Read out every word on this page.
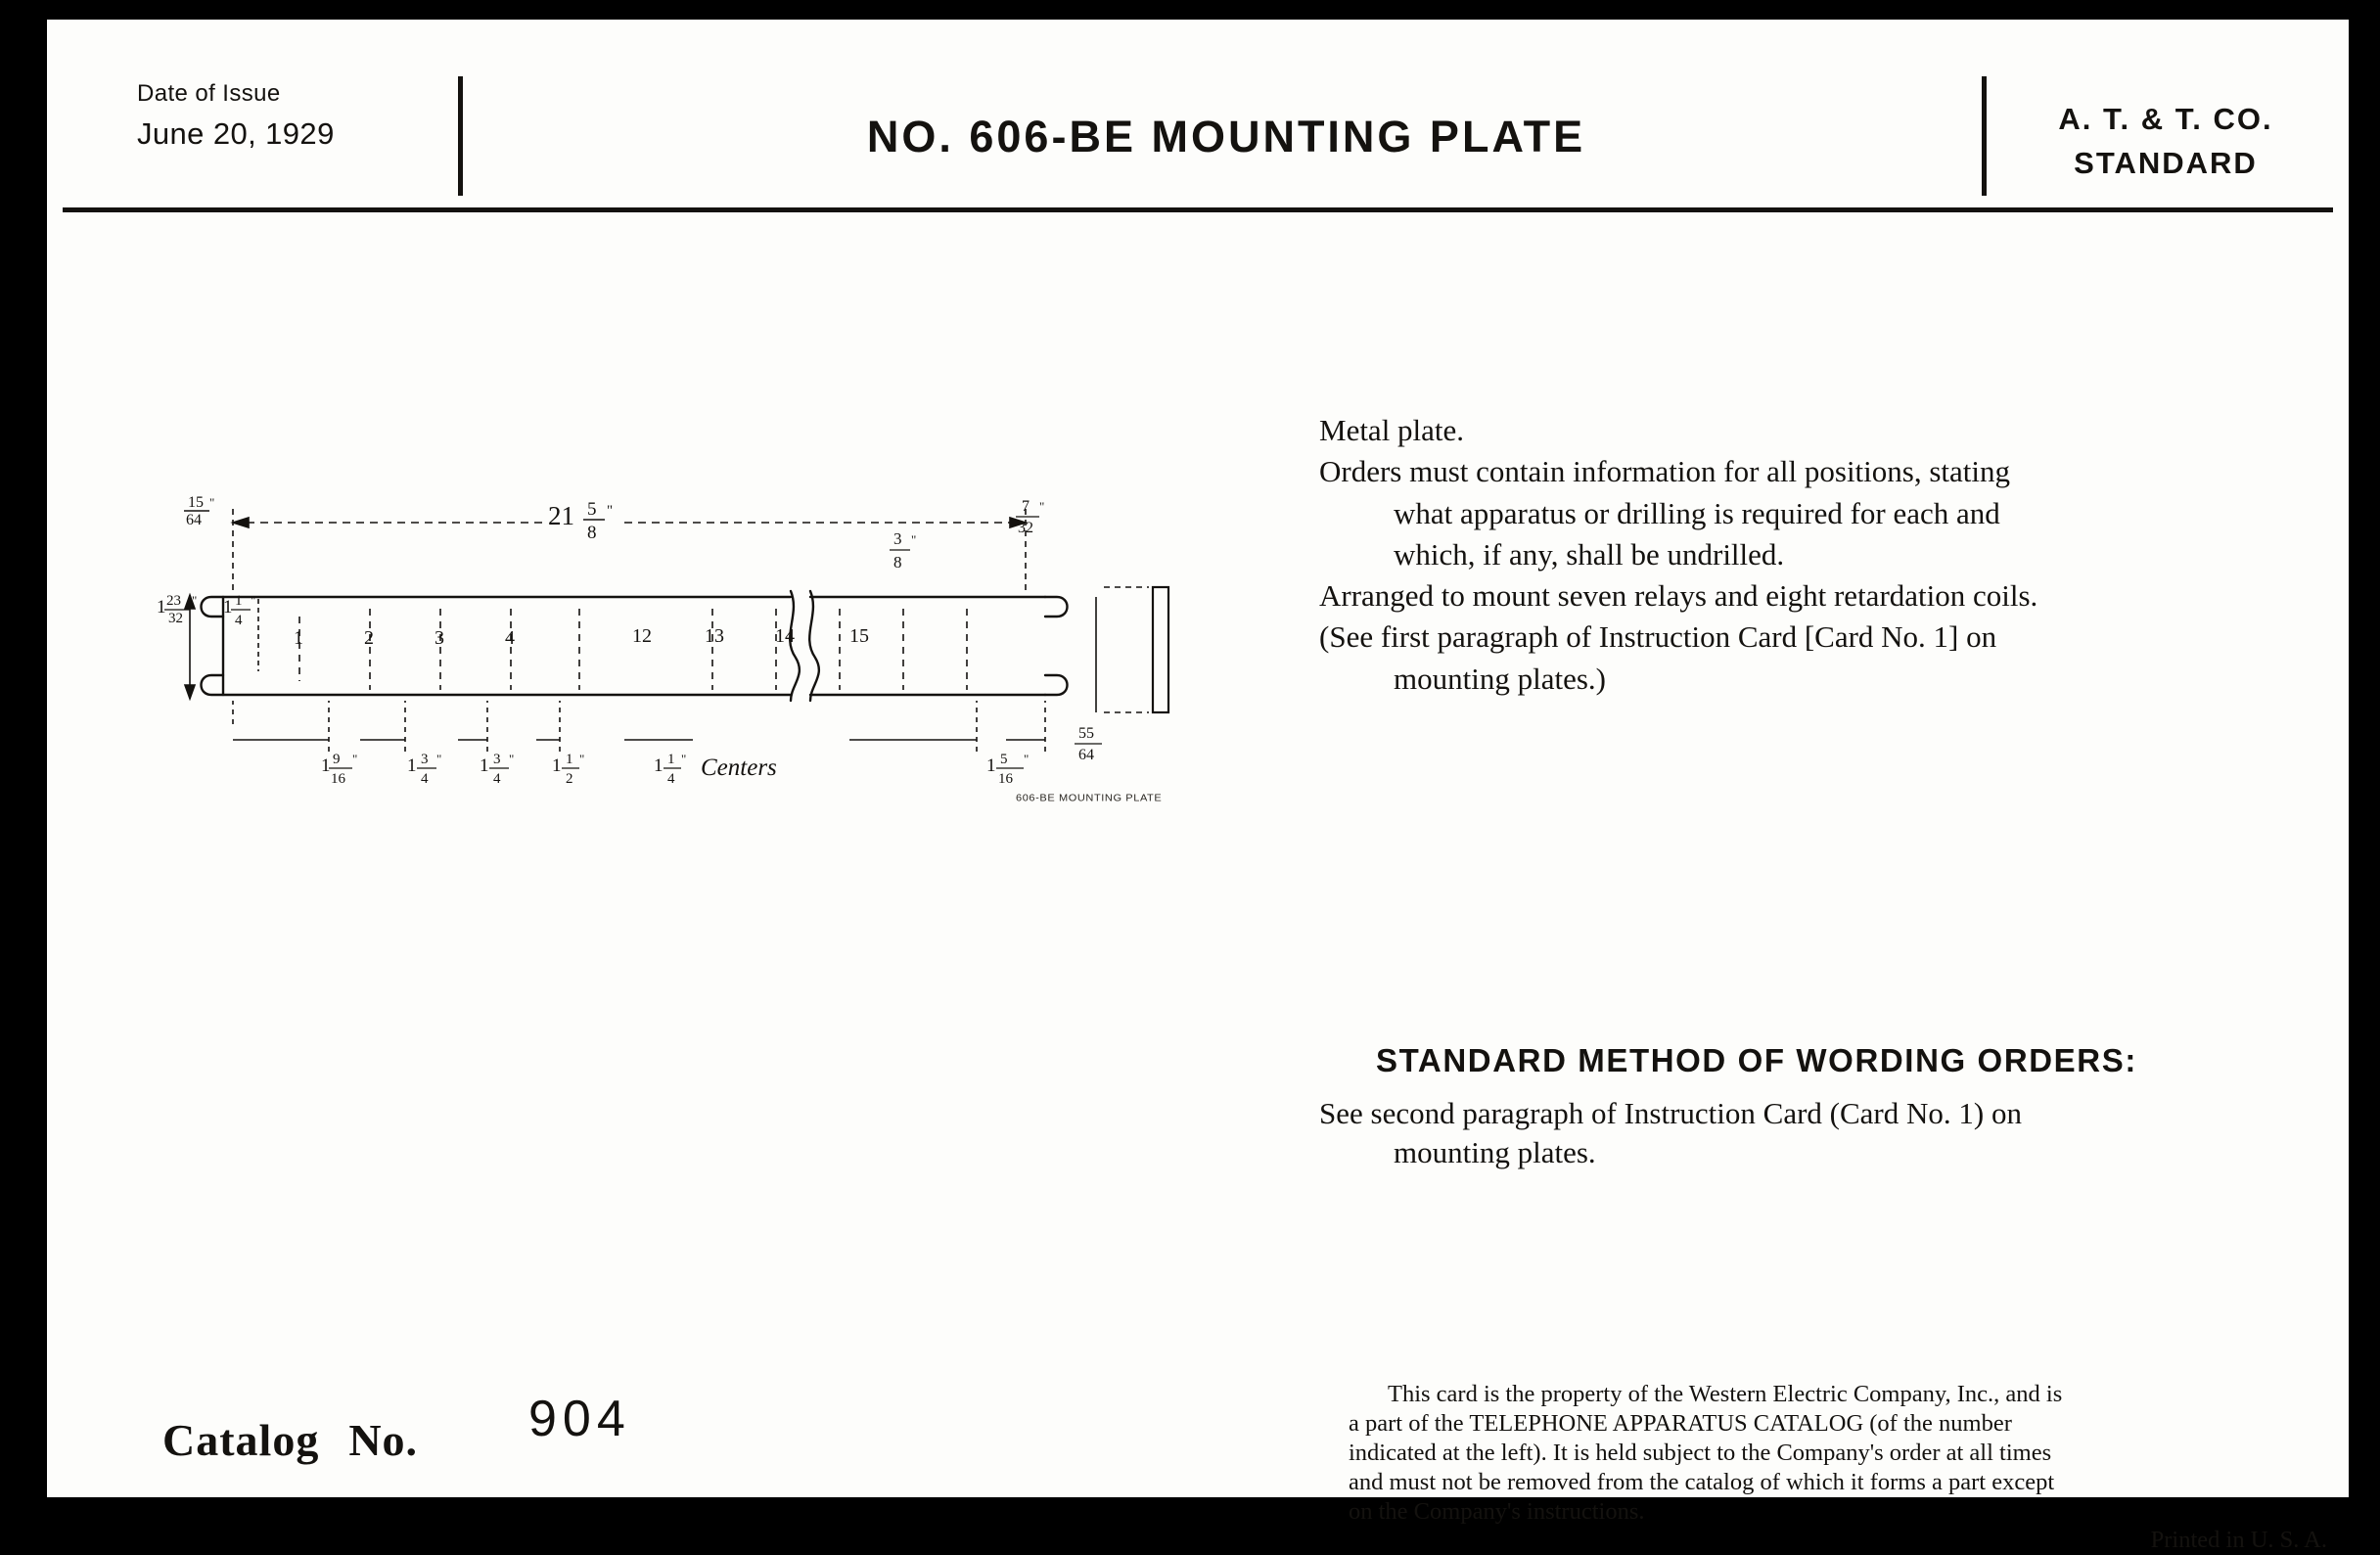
Date of Issue
June 20, 1929	NO. 606-BE MOUNTING PLATE	A. T. & T. CO.
STANDARD
15
64
"	21 5
8
"
1 23
32
" 1 1
4
"
3
8
"
7
32
"
55
64
1 9
16
"	1 3
4
" 1 3
4
" 1 1
2
"	1 1
4
" Centers	1 5
16
"
1	2	3	4	12	13	14	15
606-BE MOUNTING PLATE

Metal plate.

Orders must contain information for all positions, stating

what apparatus or drilling is required for each and

which, if any, shall be undrilled.

Arranged to mount seven relays and eight retardation coils.

(See first paragraph of Instruction Card [Card No. 1] on

mounting plates.)

STANDARD METHOD OF WORDING ORDERS:

See second paragraph of Instruction Card (Card No. 1) on

mounting plates.

Catalog No. 904	This card is the property of the Western Electric Company, Inc., and is

a part of the TELEPHONE APPARATUS CATALOG (of the number

indicated at the left). It is held subject to the Company's order at all times

and must not be removed from the catalog of which it forms a part except

on the Company's instructions.

Printed in U. S. A.
